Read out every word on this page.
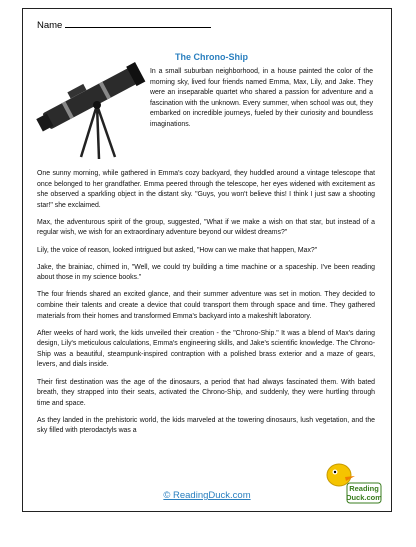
Name
The Chrono-Ship

In a small suburban neighborhood, in a house painted the color of the morning sky, lived four friends named Emma, Max, Lily, and Jake. They were an inseparable quartet who shared a passion for adventure and a fascination with the unknown. Every summer, when school was out, they embarked on incredible journeys, fueled by their curiosity and boundless imaginations.

One sunny morning, while gathered in Emma's cozy backyard, they huddled around a vintage telescope that once belonged to her grandfather. Emma peered through the telescope, her eyes widened with excitement as she observed a sparkling object in the distant sky. "Guys, you won't believe this! I think I just saw a shooting star!" she exclaimed.

Max, the adventurous spirit of the group, suggested, "What if we make a wish on that star, but instead of a regular wish, we wish for an extraordinary adventure beyond our wildest dreams?"

Lily, the voice of reason, looked intrigued but asked, "How can we make that happen, Max?"

Jake, the brainiac, chimed in, "Well, we could try building a time machine or a spaceship. I've been reading about those in my science books."

The four friends shared an excited glance, and their summer adventure was set in motion. They decided to combine their talents and create a device that could transport them through space and time. They gathered materials from their homes and transformed Emma's backyard into a makeshift laboratory.

After weeks of hard work, the kids unveiled their creation - the "Chrono-Ship." It was a blend of Max's daring design, Lily's meticulous calculations, Emma's engineering skills, and Jake's scientific knowledge. The Chrono-Ship was a beautiful, steampunk-inspired contraption with a polished brass exterior and a maze of gears, levers, and dials inside.

Their first destination was the age of the dinosaurs, a period that had always fascinated them. With bated breath, they strapped into their seats, activated the Chrono-Ship, and suddenly, they were hurtling through time and space.

As they landed in the prehistoric world, the kids marveled at the towering dinosaurs, lush vegetation, and the sky filled with pterodactyls was a

Reading
Duck.com
© ReadingDuck.com
